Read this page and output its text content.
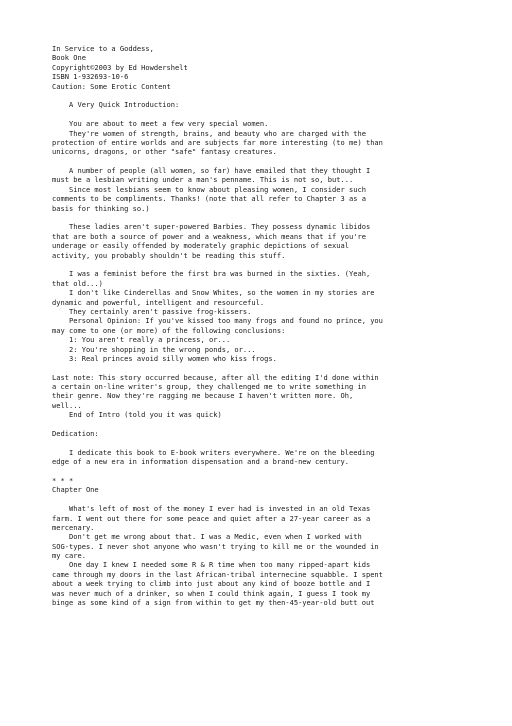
In Service to a Goddess,
Book One
Copyright©2003 by Ed Howdershelt
ISBN 1-932693-10-6
Caution: Some Erotic Content
A Very Quick Introduction:
You are about to meet a few very special women.
They're women of strength, brains, and beauty who are charged with the
protection of entire worlds and are subjects far more interesting (to me) than
unicorns, dragons, or other "safe" fantasy creatures.
A number of people (all women, so far) have emailed that they thought I
must be a lesbian writing under a man's penname. This is not so, but...
Since most lesbians seem to know about pleasing women, I consider such
comments to be compliments. Thanks! (note that all refer to Chapter 3 as a
basis for thinking so.)
These ladies aren't super-powered Barbies. They possess dynamic libidos
that are both a source of power and a weakness, which means that if you're
underage or easily offended by moderately graphic depictions of sexual
activity, you probably shouldn't be reading this stuff.
I was a feminist before the first bra was burned in the sixties. (Yeah,
that old...)
I don't like Cinderellas and Snow Whites, so the women in my stories are
dynamic and powerful, intelligent and resourceful.
They certainly aren't passive frog-kissers.
Personal Opinion: If you've kissed too many frogs and found no prince, you
may come to one (or more) of the following conclusions:
1: You aren't really a princess, or...
2: You're shopping in the wrong ponds, or...
3: Real princes avoid silly women who kiss frogs.
Last note: This story occurred because, after all the editing I'd done within
a certain on-line writer's group, they challenged me to write something in
their genre. Now they're ragging me because I haven't written more. Oh,
well...
End of Intro (told you it was quick)
Dedication:
I dedicate this book to E-book writers everywhere. We're on the bleeding
edge of a new era in information dispensation and a brand-new century.
* * *
Chapter One
What's left of most of the money I ever had is invested in an old Texas
farm. I went out there for some peace and quiet after a 27-year career as a
mercenary.
Don't get me wrong about that. I was a Medic, even when I worked with
SOG-types. I never shot anyone who wasn't trying to kill me or the wounded in
my care.
One day I knew I needed some R & R time when too many ripped-apart kids
came through my doors in the last African-tribal internecine squabble. I spent
about a week trying to climb into just about any kind of booze bottle and I
was never much of a drinker, so when I could think again, I guess I took my
binge as some kind of a sign from within to get my then-45-year-old butt out
